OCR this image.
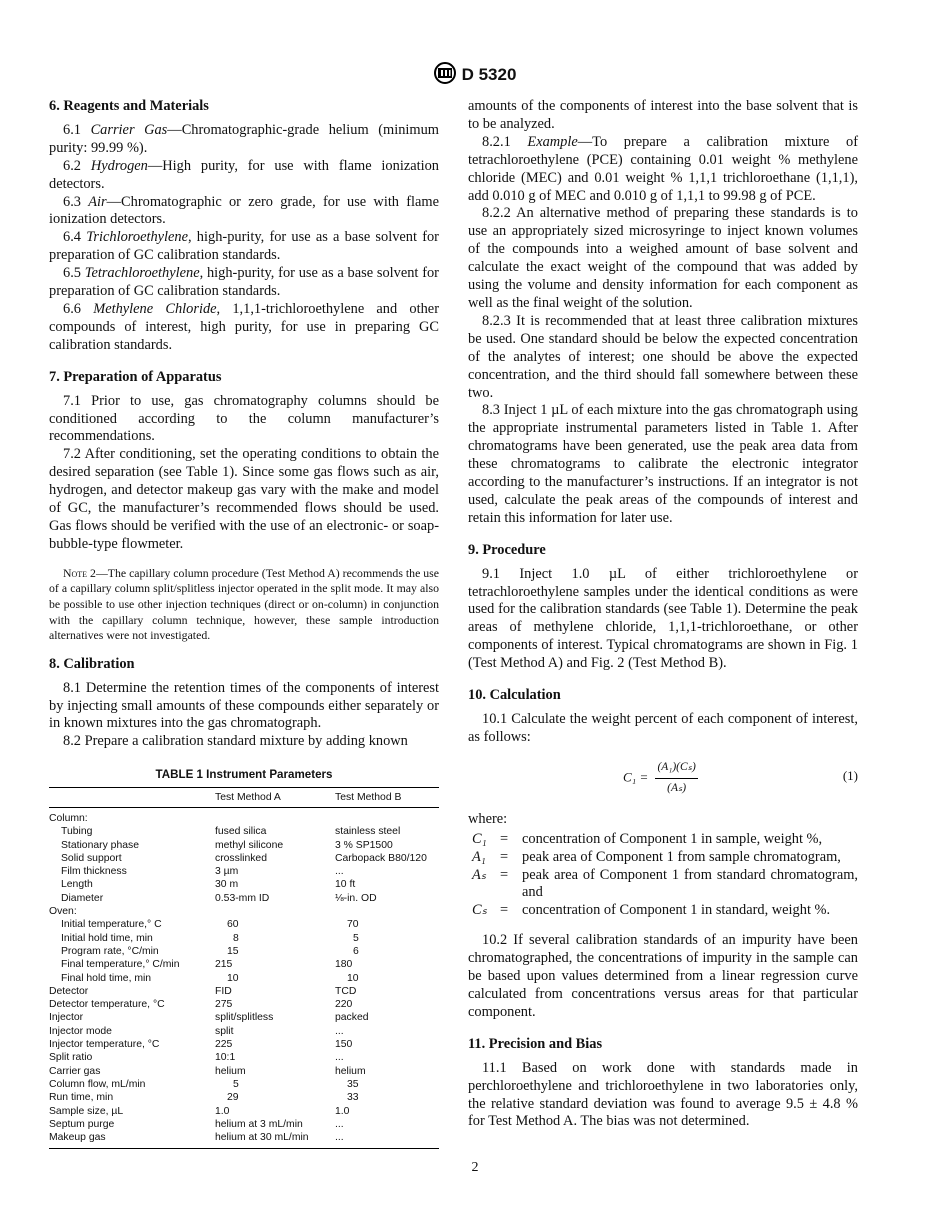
D 5320
6. Reagents and Materials

6.1 Carrier Gas—Chromatographic-grade helium (minimum purity: 99.99 %).

6.2 Hydrogen—High purity, for use with flame ionization detectors.

6.3 Air—Chromatographic or zero grade, for use with flame ionization detectors.

6.4 Trichloroethylene, high-purity, for use as a base solvent for preparation of GC calibration standards.

6.5 Tetrachloroethylene, high-purity, for use as a base solvent for preparation of GC calibration standards.

6.6 Methylene Chloride, 1,1,1-trichloroethylene and other compounds of interest, high purity, for use in preparing GC calibration standards.

7. Preparation of Apparatus

7.1 Prior to use, gas chromatography columns should be conditioned according to the column manufacturer’s recommendations.

7.2 After conditioning, set the operating conditions to obtain the desired separation (see Table 1). Since some gas flows such as air, hydrogen, and detector makeup gas vary with the make and model of GC, the manufacturer’s recommended flows should be used. Gas flows should be verified with the use of an electronic- or soap- bubble-type flowmeter.

Note 2—The capillary column procedure (Test Method A) recommends the use of a capillary column split/splitless injector operated in the split mode. It may also be possible to use other injection techniques (direct or on-column) in conjunction with the capillary column technique, however, these sample introduction alternatives were not investigated.

8. Calibration

8.1 Determine the retention times of the components of interest by injecting small amounts of these compounds either separately or in known mixtures into the gas chromatograph.

8.2 Prepare a calibration standard mixture by adding known

TABLE 1 Instrument Parameters
	Test Method A	Test Method B
Column:		
Tubing	fused silica	stainless steel
Stationary phase	methyl silicone	3 % SP1500
Solid support	crosslinked	Carbopack B80/120
Film thickness	3 µm	...
Length	30 m	10 ft
Diameter	0.53-mm ID	⅛-in. OD
Oven:		
Initial temperature,° C	60	70
Initial hold time, min	8	5
Program rate, °C/min	15	6
Final temperature,° C/min	215	180
Final hold time, min	10	10
Detector	FID	TCD
Detector temperature, °C	275	220
Injector	split/splitless	packed
Injector mode	split	...
Injector temperature, °C	225	150
Split ratio	10:1	...
Carrier gas	helium	helium
Column flow, mL/min	5	35
Run time, min	29	33
Sample size, µL	1.0	1.0
Septum purge	helium at 3 mL/min	...
Makeup gas	helium at 30 mL/min	...

amounts of the components of interest into the base solvent that is to be analyzed.

8.2.1 Example—To prepare a calibration mixture of tetrachloroethylene (PCE) containing 0.01 weight % methylene chloride (MEC) and 0.01 weight % 1,1,1 trichloroethane (1,1,1), add 0.010 g of MEC and 0.010 g of 1,1,1 to 99.98 g of PCE.

8.2.2 An alternative method of preparing these standards is to use an appropriately sized microsyringe to inject known volumes of the compounds into a weighed amount of base solvent and calculate the exact weight of the compound that was added by using the volume and density information for each component as well as the final weight of the solution.

8.2.3 It is recommended that at least three calibration mixtures be used. One standard should be below the expected concentration of the analytes of interest; one should be above the expected concentration, and the third should fall somewhere between these two.

8.3 Inject 1 µL of each mixture into the gas chromatograph using the appropriate instrumental parameters listed in Table 1. After chromatograms have been generated, use the peak area data from these chromatograms to calibrate the electronic integrator according to the manufacturer’s instructions. If an integrator is not used, calculate the peak areas of the compounds of interest and retain this information for later use.

9. Procedure

9.1 Inject 1.0 µL of either trichloroethylene or tetrachloroethylene samples under the identical conditions as were used for the calibration standards (see Table 1). Determine the peak areas of methylene chloride, 1,1,1-trichloroethane, or other components of interest. Typical chromatograms are shown in Fig. 1 (Test Method A) and Fig. 2 (Test Method B).

10. Calculation

10.1 Calculate the weight percent of each component of interest, as follows:

$C_1 = \frac{\text{(A₁)(Cₛ)}}{\text{(Aₛ)}}$	(1)

where:

C₁ = concentration of Component 1 in sample, weight %,
A₁ = peak area of Component 1 from sample chromatogram,
Aₛ = peak area of Component 1 from standard chromatogram, and
Cₛ = concentration of Component 1 in standard, weight %.

10.2 If several calibration standards of an impurity have been chromatographed, the concentrations of impurity in the sample can be based upon values determined from a linear regression curve calculated from concentrations versus areas for that particular component.

11. Precision and Bias

11.1 Based on work done with standards made in perchloroethylene and trichloroethylene in two laboratories only, the relative standard deviation was found to average 9.5 ± 4.8 % for Test Method A. The bias was not determined.

2
